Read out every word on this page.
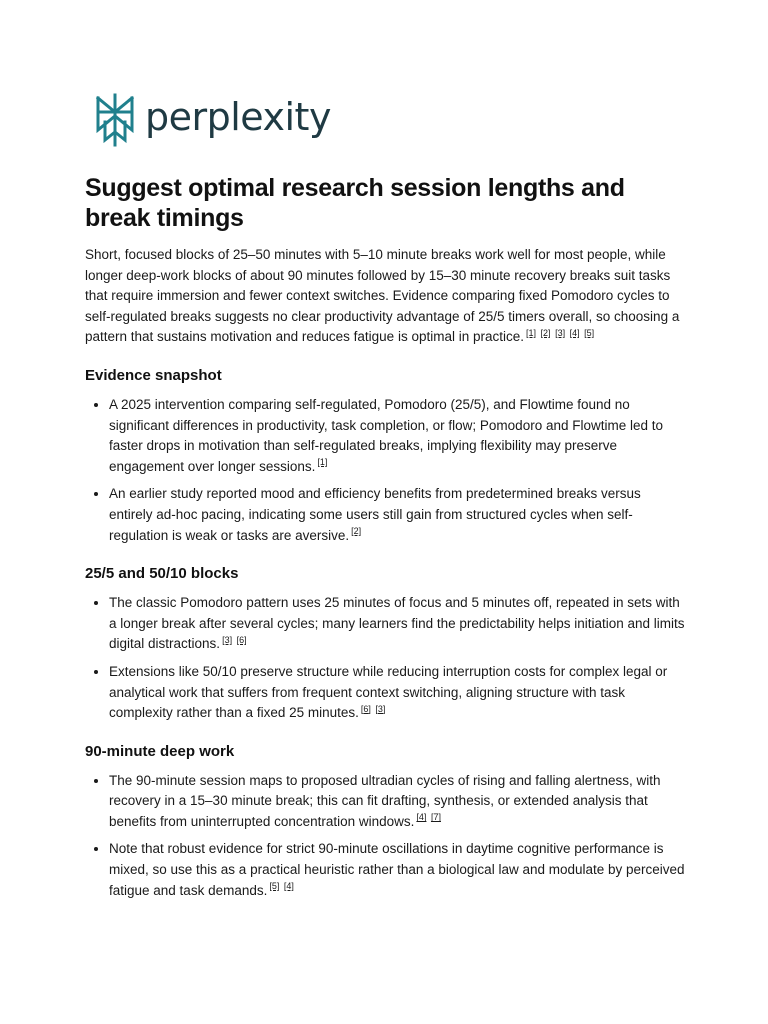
perplexity
Suggest optimal research session lengths and break timings

Short, focused blocks of 25–50 minutes with 5–10 minute breaks work well for most people, while longer deep-work blocks of about 90 minutes followed by 15–30 minute recovery breaks suit tasks that require immersion and fewer context switches. Evidence comparing fixed Pomodoro cycles to self-regulated breaks suggests no clear productivity advantage of 25/5 timers overall, so choosing a pattern that sustains motivation and reduces fatigue is optimal in practice. [1] [2] [3] [4] [5]

Evidence snapshot
• A 2025 intervention comparing self-regulated, Pomodoro (25/5), and Flowtime found no significant differences in productivity, task completion, or flow; Pomodoro and Flowtime led to faster drops in motivation than self-regulated breaks, implying flexibility may preserve engagement over longer sessions. [1]
• An earlier study reported mood and efficiency benefits from predetermined breaks versus entirely ad-hoc pacing, indicating some users still gain from structured cycles when self-regulation is weak or tasks are aversive. [2]
25/5 and 50/10 blocks
• The classic Pomodoro pattern uses 25 minutes of focus and 5 minutes off, repeated in sets with a longer break after several cycles; many learners find the predictability helps initiation and limits digital distractions. [3] [6]
• Extensions like 50/10 preserve structure while reducing interruption costs for complex legal or analytical work that suffers from frequent context switching, aligning structure with task complexity rather than a fixed 25 minutes. [6] [3]
90-minute deep work
• The 90-minute session maps to proposed ultradian cycles of rising and falling alertness, with recovery in a 15–30 minute break; this can fit drafting, synthesis, or extended analysis that benefits from uninterrupted concentration windows. [4] [7]
• Note that robust evidence for strict 90-minute oscillations in daytime cognitive performance is mixed, so use this as a practical heuristic rather than a biological law and modulate by perceived fatigue and task demands. [5] [4]
